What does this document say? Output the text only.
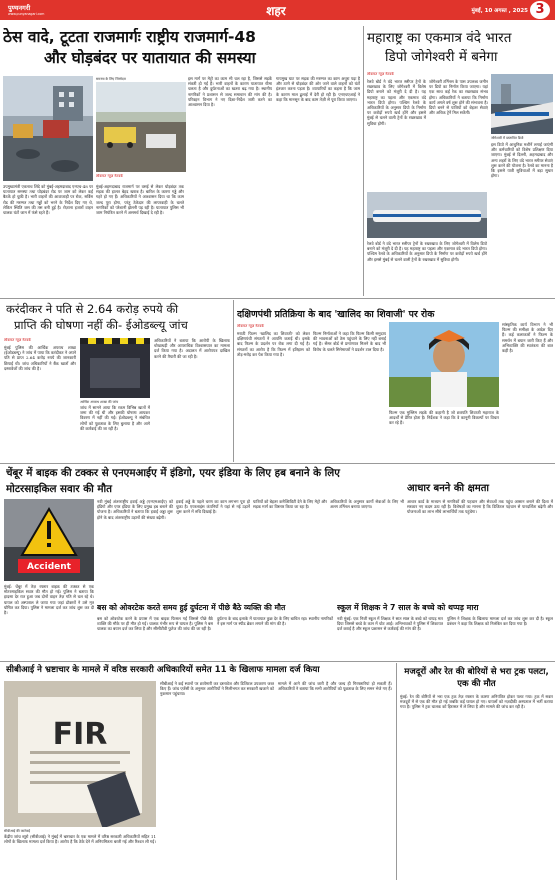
पुण्यनगरी
www.punyanagari.com	शहर	मुंबई, 10 अगस्त , 2025 3
ठेस वादे, टूटता राजमार्गः राष्ट्रीय राजमार्ग-48
और घोड़बंदर पर यातायात की समस्या
लोकमत न्यूज़ नेटवर्क
समस्या के लिए जिम्मेदार
उपमुख्यमंत्री एकनाथ शिंदे को मुंबई-अहमदाबाद एनएच-48 पर यातायात समस्या तथा घोड़बंदर रोड पर जाम को लेकर कई बैठकें हो चुकी है। भारी वाहनों की आवाजाही पर रोक, सर्विस रोड की मरम्मत तथा गड्ढों को भरने के निर्देश दिए गए थे, लेकिन स्थिति जस की तस बनी हुई है। रोज़ाना हजारों वाहन चालक घंटों जाम में फंसे रहते हैं।
मुंबई-अहमदाबाद राजमार्ग पर वसई से लेकर घोड़बंदर तक सड़क की हालत बेहद खराब है। बारिश के कारण गड्ढे और गहरे हो गए हैं। अधिकारियों ने आश्वासन दिया था कि काम जल्द पूरा होगा, परंतु ठेकेदार की लापरवाही के चलते नागरिकों को परेशानी झेलनी पड़ रही है। यातायात पुलिस भी जाम नियंत्रित करने में असमर्थ दिखाई दे रही है।
इस मार्ग पर मेट्रो का काम भी चल रहा है, जिससे सड़कें संकरी हो गई हैं। भारी वाहनों के कारण यातायात धीमा चलता है और दुर्घटनाओं का खतरा बढ़ गया है। स्थानीय नागरिकों ने प्रशासन से जल्द समाधान की मांग की है। परिवहन विभाग ने नए दिशा-निर्देश जारी करने का आश्वासन दिया है।
गायमुख घाट पर सड़क की मरम्मत का काम अधूरा पड़ा है और ठाणे से घोड़बंदर की ओर जाने वाले वाहनों को घंटों इंतजार करना पड़ता है। व्यापारियों का कहना है कि जाम के कारण माल ढुलाई में देरी हो रही है। एनएचएआई ने कहा कि मानसून के बाद काम तेज़ी से पूरा किया जाएगा।
महाराष्ट्र का एकमात्र वंदे भारत
डिपो जोगेश्वरी में बनेगा
लोकमत न्यूज़ नेटवर्क
रेलवे बोर्ड ने वंदे भारत स्लीपर ट्रेनों के रखरखाव के लिए जोगेश्वरी में विशेष डिपो बनाने को मंजूरी दे दी है। यह महाराष्ट्र का पहला और एकमात्र वंदे भारत डिपो होगा। पश्चिम रेलवे के अधिकारियों के अनुसार डिपो के निर्माण पर करोड़ों रुपये खर्च होंगे और इससे मुंबई से चलने वाली ट्रेनों के रखरखाव में सुविधा होगी।
जोगेश्वरी टर्मिनस के पास उपलब्ध जमीन पर डिपो का निर्माण किया जाएगा। यहां एक साथ कई रेक का रखरखाव संभव होगा। अधिकारियों ने बताया कि निर्माण कार्य अगले वर्ष शुरू होने की संभावना है। डिपो बनने से यात्रियों को बेहतर सेवाएं और अधिक ट्रेनें मिल सकेंगी।
जोगेश्वरी में प्रस्तावित डिपो
इस डिपो में आधुनिक मशीनें लगाई जाएंगी और कर्मचारियों को विशेष प्रशिक्षण दिया जाएगा। मुंबई से दिल्ली, अहमदाबाद और अन्य शहरों के लिए वंदे भारत स्लीपर सेवाएं शुरू करने की योजना है। रेलवे का मानना है कि इससे यात्री सुविधाओं में बड़ा सुधार होगा।
रेलवे बोर्ड ने वंदे भारत स्लीपर ट्रेनों के रखरखाव के लिए जोगेश्वरी में विशेष डिपो बनाने को मंजूरी दे दी है। यह महाराष्ट्र का पहला और एकमात्र वंदे भारत डिपो होगा। पश्चिम रेलवे के अधिकारियों के अनुसार डिपो के निर्माण पर करोड़ों रुपये खर्च होंगे और इससे मुंबई से चलने वाली ट्रेनों के रखरखाव में सुविधा होगी।
करंदीकर ने पति से 2.64 करोड़ रुपये की
प्राप्ति की घोषणा नहीं की- ईओडब्ल्यू जांच
लोकमत न्यूज़ नेटवर्क
मुंबई पुलिस की आर्थिक अपराध शाखा (ईओडब्ल्यू) ने जांच में पाया कि करंदीकर ने अपने पति से प्राप्त 2.64 करोड़ रुपये की जानकारी छिपाई थी। जांच अधिकारियों ने बैंक खातों और दस्तावेजों की जांच की है।
आर्थिक अपराध शाखा की जांच
जांच में सामने आया कि रकम विभिन्न खातों में जमा की गई थी और इसकी घोषणा आयकर विवरण में नहीं की गई। ईओडब्ल्यू ने संबंधित लोगों को पूछताछ के लिए बुलाया है और आगे की कार्रवाई की जा रही है।
अधिकारियों ने बताया कि आरोपी के खिलाफ धोखाधड़ी और आपराधिक विश्वासघात का मामला दर्ज किया गया है। अदालत में आरोपपत्र दाखिल करने की तैयारी की जा रही है।
दक्षिणपंथी प्रतिक्रिया के बाद 'खालिद का शिवाजी' पर रोक
लोकमत न्यूज़ नेटवर्क
मराठी फिल्म 'खालिद का शिवाजी' को लेकर दक्षिणपंथी संगठनों ने आपत्ति जताई थी। इसके बाद फिल्म के प्रदर्शन पर रोक लगा दी गई है। संगठनों का आरोप है कि फिल्म में इतिहास को तोड़-मरोड़ कर पेश किया गया है।
फिल्म निर्माताओं ने कहा कि फिल्म किसी समुदाय की भावनाओं को ठेस पहुंचाने के लिए नहीं बनाई गई है। सेंसर बोर्ड से प्रमाणपत्र मिलने के बाद भी विरोध के चलते सिनेमाघरों ने प्रदर्शन टाल दिया है।
फिल्म एक मुस्लिम लड़के की कहानी है जो छत्रपति शिवाजी महाराज के आदर्शों से प्रेरित होता है। निर्देशक ने कहा कि वे कानूनी विकल्पों पर विचार कर रहे हैं।
सांस्कृतिक कार्य विभाग ने भी फिल्म की समीक्षा के आदेश दिए हैं। कई कलाकारों ने फिल्म के समर्थन में बयान जारी किए हैं और अभिव्यक्ति की स्वतंत्रता की बात कही है।
चेंबूर में बाइक की टक्कर से एनएमआईए में इंडिगो, एयर इंडिया के लिए हब बनाने के लिए
मोटरसाइकिल सवार की मौत
Accident
मुंबई: चेंबूर में तेज़ रफ्तार बाइक की टक्कर से एक मोटरसाइकिल सवार की मौत हो गई। पुलिस ने बताया कि हादसा देर रात हुआ जब दोनों वाहन तेज़ गति से चल रहे थे। घायल को अस्पताल ले जाया गया जहां डॉक्टरों ने उसे मृत घोषित कर दिया। पुलिस ने मामला दर्ज कर जांच शुरू कर दी है।
नवी मुंबई अंतरराष्ट्रीय हवाई अड्डे (एनएमआईए) को इंडिगो और एयर इंडिया के लिए प्रमुख हब बनाने की योजना है। अधिकारियों ने बताया कि हवाई अड्डा शुरू होने के बाद अंतरराष्ट्रीय उड़ानों की संख्या बढ़ेगी।
हवाई अड्डे के पहले चरण का काम लगभग पूरा हो चुका है। एयरलाइंस कंपनियों ने यहां से नई उड़ानें शुरू करने में रुचि दिखाई है।
यात्रियों को बेहतर कनेक्टिविटी देने के लिए मेट्रो और सड़क मार्ग का विस्तार किया जा रहा है।
अधिकारियों के अनुसार कार्गो सेवाओं के लिए भी अलग टर्मिनल बनाया जाएगा।
आधार बनने की क्षमता
आधार कार्ड के माध्यम से नागरिकों की पहचान और सेवाओं तक पहुंच आसान बनाने की दिशा में सरकार नए कदम उठा रही है। विशेषज्ञों का मानना है कि डिजिटल पहचान से पारदर्शिता बढ़ेगी और योजनाओं का लाभ सीधे लाभार्थियों तक पहुंचेगा।
बस को ओवरटेक करते समय हुई दुर्घटना में पीछे बैठे व्यक्ति की मौत
बस को ओवरटेक करने के प्रयास में एक बाइक फिसल गई जिससे पीछे बैठे व्यक्ति की मौके पर ही मौत हो गई। चालक गंभीर रूप से घायल है। पुलिस ने बस चालक का बयान दर्ज कर लिया है और सीसीटीवी फुटेज की जांच की जा रही है।
दुर्घटना के बाद इलाके में यातायात कुछ देर के लिए बाधित रहा। स्थानीय नागरिकों ने इस मार्ग पर स्पीड ब्रेकर लगाने की मांग की है।
स्कूल में शिक्षक ने 7 साल के बच्चे को थप्पड़ मारा
नवी मुंबई: एक निजी स्कूल में शिक्षक ने सात साल के बच्चे को थप्पड़ मार दिया जिससे बच्चे के कान में चोट आई। अभिभावकों ने पुलिस में शिकायत दर्ज कराई है और स्कूल प्रशासन से कार्रवाई की मांग की है।
पुलिस ने शिक्षक के खिलाफ मामला दर्ज कर जांच शुरू कर दी है। स्कूल प्रबंधन ने कहा कि शिक्षक को निलंबित कर दिया गया है।
सीबीआई ने भ्रष्टाचार के मामले में वरिष्ठ सरकारी अधिकारियों समेत 11 के खिलाफ मामला दर्ज किया
FIR
सीबीआई की कार्रवाई
केंद्रीय जांच ब्यूरो (सीबीआई) ने मुंबई में भ्रष्टाचार के एक मामले में वरिष्ठ सरकारी अधिकारियों सहित 11 लोगों के खिलाफ मामला दर्ज किया है। आरोप है कि ठेके देने में अनियमितता बरती गई और रिश्वत ली गई।
सीबीआई ने कई स्थानों पर छापेमारी कर दस्तावेज और डिजिटल उपकरण जब्त किए हैं। जांच एजेंसी के अनुसार आरोपियों ने मिलीभगत कर सरकारी खजाने को नुकसान पहुंचाया।
मामले में आगे की जांच जारी है और जल्द ही गिरफ्तारियां हो सकती हैं। अधिकारियों ने बताया कि सभी आरोपियों को पूछताछ के लिए समन भेजे गए हैं।
मजदूरों और रेत की बोरियों से भरा ट्रक पलटा, एक की मौत
मुंबई: रेत की बोरियों से भरा एक ट्रक तेज़ रफ्तार के कारण अनियंत्रित होकर पलट गया। ट्रक में सवार मजदूरों में से एक की मौत हो गई जबकि कई घायल हो गए। घायलों को नज़दीकी अस्पताल में भर्ती कराया गया है। पुलिस ने ट्रक चालक को हिरासत में ले लिया है और मामले की जांच कर रही है।
